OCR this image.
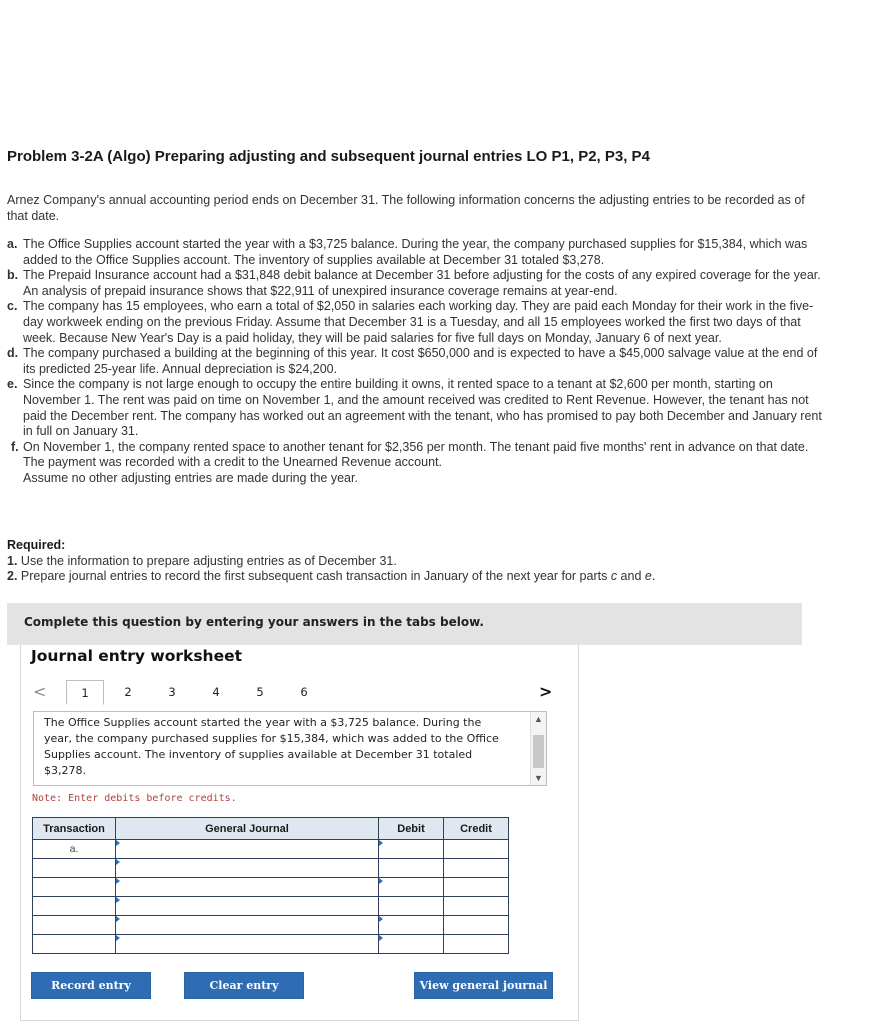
Problem 3-2A (Algo) Preparing adjusting and subsequent journal entries LO P1, P2, P3, P4
Arnez Company's annual accounting period ends on December 31. The following information concerns the adjusting entries to be recorded as of that date.
a. The Office Supplies account started the year with a $3,725 balance. During the year, the company purchased supplies for $15,384, which was added to the Office Supplies account. The inventory of supplies available at December 31 totaled $3,278.
b. The Prepaid Insurance account had a $31,848 debit balance at December 31 before adjusting for the costs of any expired coverage for the year. An analysis of prepaid insurance shows that $22,911 of unexpired insurance coverage remains at year-end.
c. The company has 15 employees, who earn a total of $2,050 in salaries each working day. They are paid each Monday for their work in the five-day workweek ending on the previous Friday. Assume that December 31 is a Tuesday, and all 15 employees worked the first two days of that week. Because New Year's Day is a paid holiday, they will be paid salaries for five full days on Monday, January 6 of next year.
d. The company purchased a building at the beginning of this year. It cost $650,000 and is expected to have a $45,000 salvage value at the end of its predicted 25-year life. Annual depreciation is $24,200.
e. Since the company is not large enough to occupy the entire building it owns, it rented space to a tenant at $2,600 per month, starting on November 1. The rent was paid on time on November 1, and the amount received was credited to Rent Revenue. However, the tenant has not paid the December rent. The company has worked out an agreement with the tenant, who has promised to pay both December and January rent in full on January 31.
f. On November 1, the company rented space to another tenant for $2,356 per month. The tenant paid five months' rent in advance on that date. The payment was recorded with a credit to the Unearned Revenue account.
Assume no other adjusting entries are made during the year.
Required:
1. Use the information to prepare adjusting entries as of December 31.
2. Prepare journal entries to record the first subsequent cash transaction in January of the next year for parts c and e.
Complete this question by entering your answers in the tabs below.
Journal entry worksheet
<	1	2	3	4	5	6	>
The Office Supplies account started the year with a $3,725 balance. During the year, the company purchased supplies for $15,384, which was added to the Office Supplies account. The inventory of supplies available at December 31 totaled $3,278.
▲
▼
Note: Enter debits before credits.
Transaction	General Journal	Debit	Credit
a.			

Record entry	Clear entry	View general journal
